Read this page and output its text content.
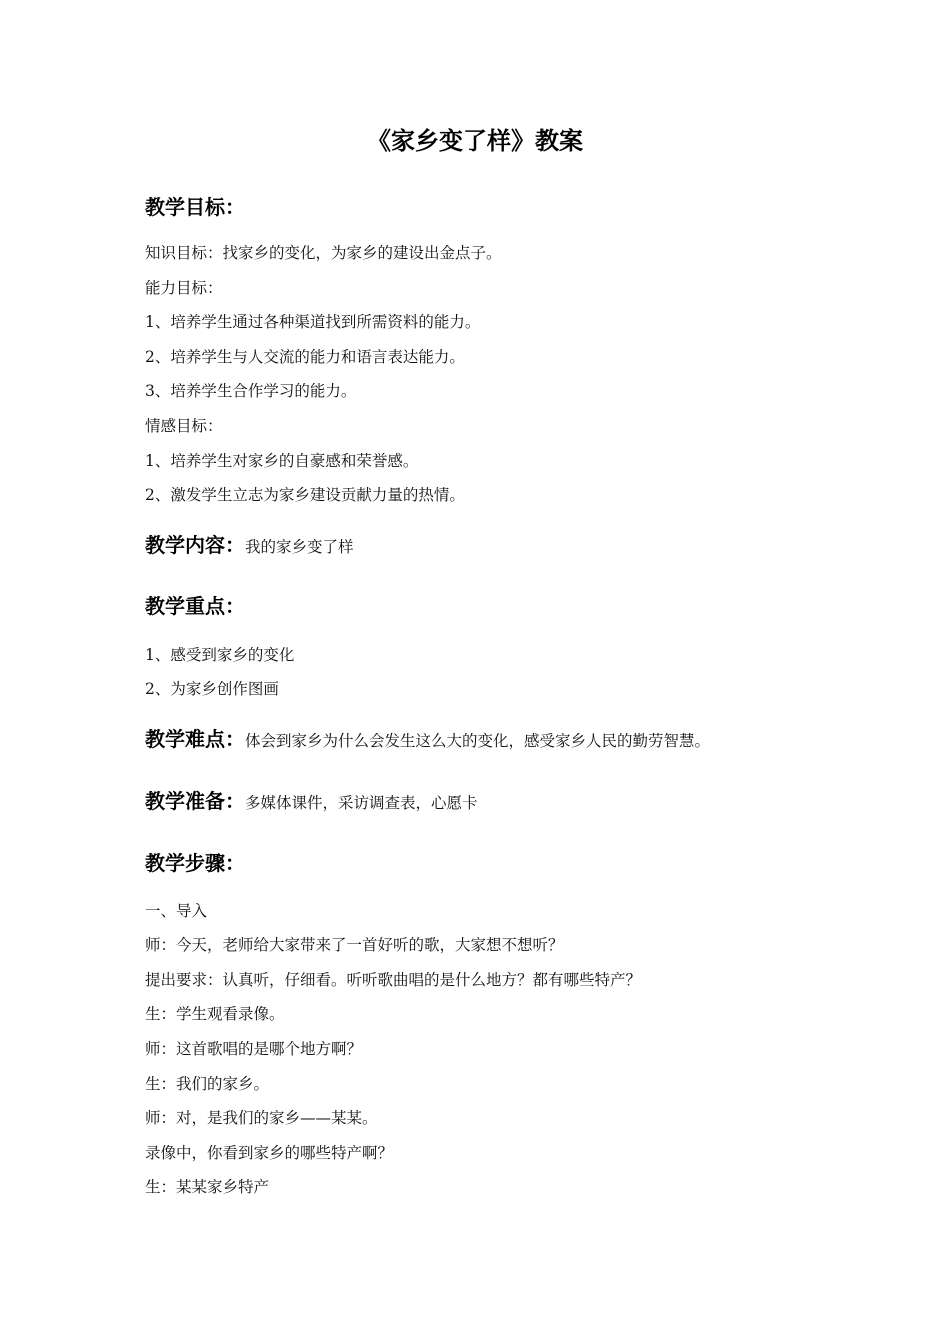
《家乡变了样》教案
教学目标：
知识目标：找家乡的变化，为家乡的建设出金点子。
能力目标：
1、培养学生通过各种渠道找到所需资料的能力。
2、培养学生与人交流的能力和语言表达能力。
3、培养学生合作学习的能力。
情感目标：
1、培养学生对家乡的自豪感和荣誉感。
2、激发学生立志为家乡建设贡献力量的热情。
教学内容：我的家乡变了样
教学重点：
1、感受到家乡的变化
2、为家乡创作图画
教学难点：体会到家乡为什么会发生这么大的变化，感受家乡人民的勤劳智慧。
教学准备：多媒体课件，采访调查表，心愿卡
教学步骤：
一、导入
师：今天，老师给大家带来了一首好听的歌，大家想不想听？
提出要求：认真听，仔细看。听听歌曲唱的是什么地方？都有哪些特产？
生：学生观看录像。
师：这首歌唱的是哪个地方啊？
生：我们的家乡。
师：对，是我们的家乡——某某。
录像中，你看到家乡的哪些特产啊？
生：某某家乡特产
